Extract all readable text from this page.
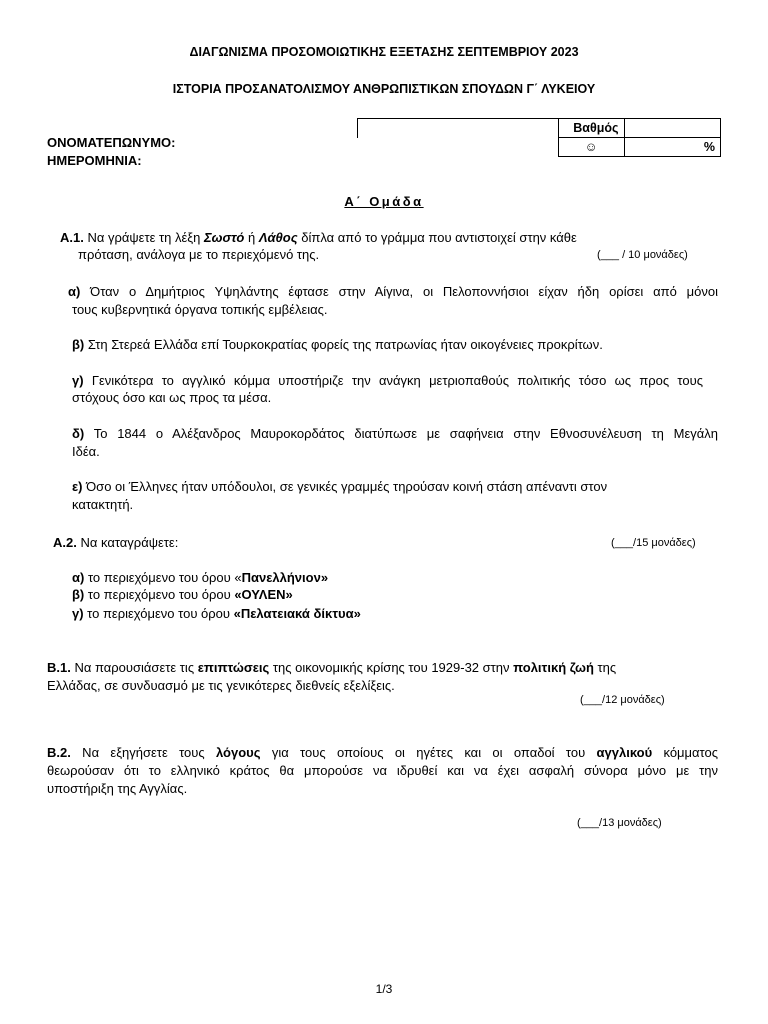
ΔΙΑΓΩΝΙΣΜΑ ΠΡΟΣΟΜΟΙΩΤΙΚΗΣ ΕΞΕΤΑΣΗΣ ΣΕΠΤΕΜΒΡΙΟΥ 2023
ΙΣΤΟΡΙΑ ΠΡΟΣΑΝΑΤΟΛΙΣΜΟΥ ΑΝΘΡΩΠΙΣΤΙΚΩΝ ΣΠΟΥΔΩΝ Γ΄ ΛΥΚΕΙΟΥ
ΟΝΟΜΑΤΕΠΩΝΥΜΟ:
ΗΜΕΡΟΜΗΝΙΑ:
	Βαθμός	
	☺	%
Α΄ Ομάδα
Α.1. Να γράψετε τη λέξη Σωστό ή Λάθος δίπλα από το γράμμα που αντιστοιχεί στην κάθε
πρόταση, ανάλογα με το περιεχόμενό της.	(___ / 10 μονάδες)
α) Όταν ο Δημήτριος Υψηλάντης έφτασε στην Αίγινα, οι Πελοποννήσιοι είχαν ήδη ορίσει από μόνοι
τους κυβερνητικά όργανα τοπικής εμβέλειας.
β) Στη Στερεά Ελλάδα επί Τουρκοκρατίας φορείς της πατρωνίας ήταν οικογένειες προκρίτων.
γ) Γενικότερα το αγγλικό κόμμα υποστήριζε την ανάγκη μετριοπαθούς πολιτικής τόσο ως προς τους
στόχους όσο και ως προς τα μέσα.
δ) Το 1844 ο Αλέξανδρος Μαυροκορδάτος διατύπωσε με σαφήνεια στην Εθνοσυνέλευση τη Μεγάλη
Ιδέα.
ε) Όσο οι Έλληνες ήταν υπόδουλοι, σε γενικές γραμμές τηρούσαν κοινή στάση απέναντι στον
κατακτητή.
Α.2. Να καταγράψετε:	(___/15 μονάδες)
α) το περιεχόμενο του όρου «Πανελλήνιον»
β) το περιεχόμενο του όρου «ΟΥΛΕΝ»
γ) το περιεχόμενο του όρου «Πελατειακά δίκτυα»
Β.1. Να παρουσιάσετε τις επιπτώσεις της οικονομικής κρίσης του 1929-32 στην πολιτική ζωή της
Ελλάδας, σε συνδυασμό με τις γενικότερες διεθνείς εξελίξεις.
(___/12 μονάδες)
Β.2. Να εξηγήσετε τους λόγους για τους οποίους οι ηγέτες και οι οπαδοί του αγγλικού κόμματος
θεωρούσαν ότι το ελληνικό κράτος θα μπορούσε να ιδρυθεί και να έχει ασφαλή σύνορα μόνο με την
υποστήριξη της Αγγλίας.
(___/13 μονάδες)
1/3
